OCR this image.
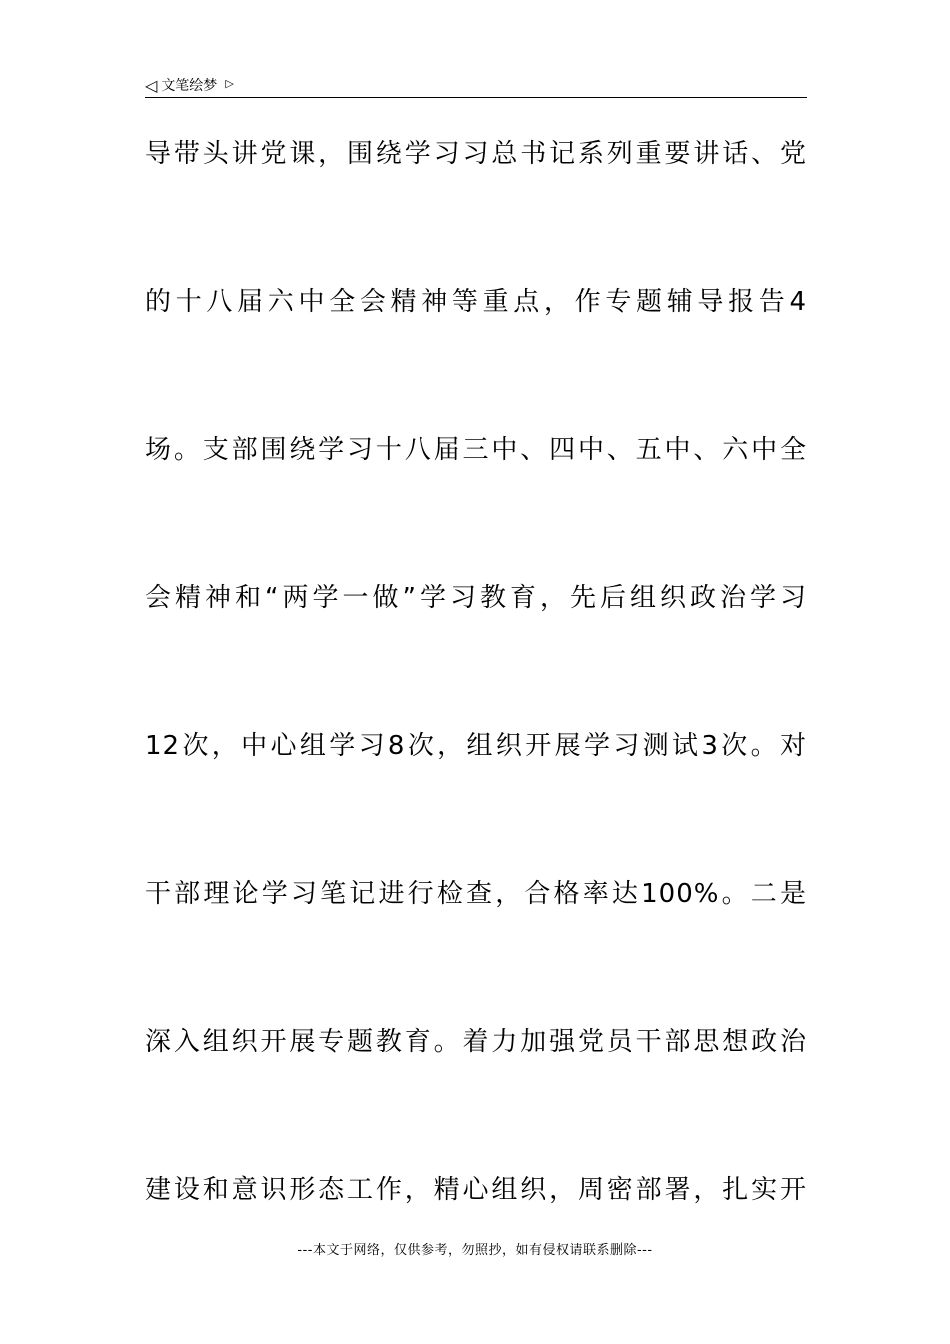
◁ 文笔绘梦 ▷
导带头讲党课，围绕学习习总书记系列重要讲话、党
的十八届六中全会精神等重点，作专题辅导报告4
场。支部围绕学习十八届三中、四中、五中、六中全
会精神和“两学一做”学习教育，先后组织政治学习
12次，中心组学习8次，组织开展学习测试3次。对
干部理论学习笔记进行检查，合格率达100%。二是
深入组织开展专题教育。着力加强党员干部思想政治
建设和意识形态工作，精心组织，周密部署，扎实开
---本文于网络，仅供参考，勿照抄，如有侵权请联系删除---
